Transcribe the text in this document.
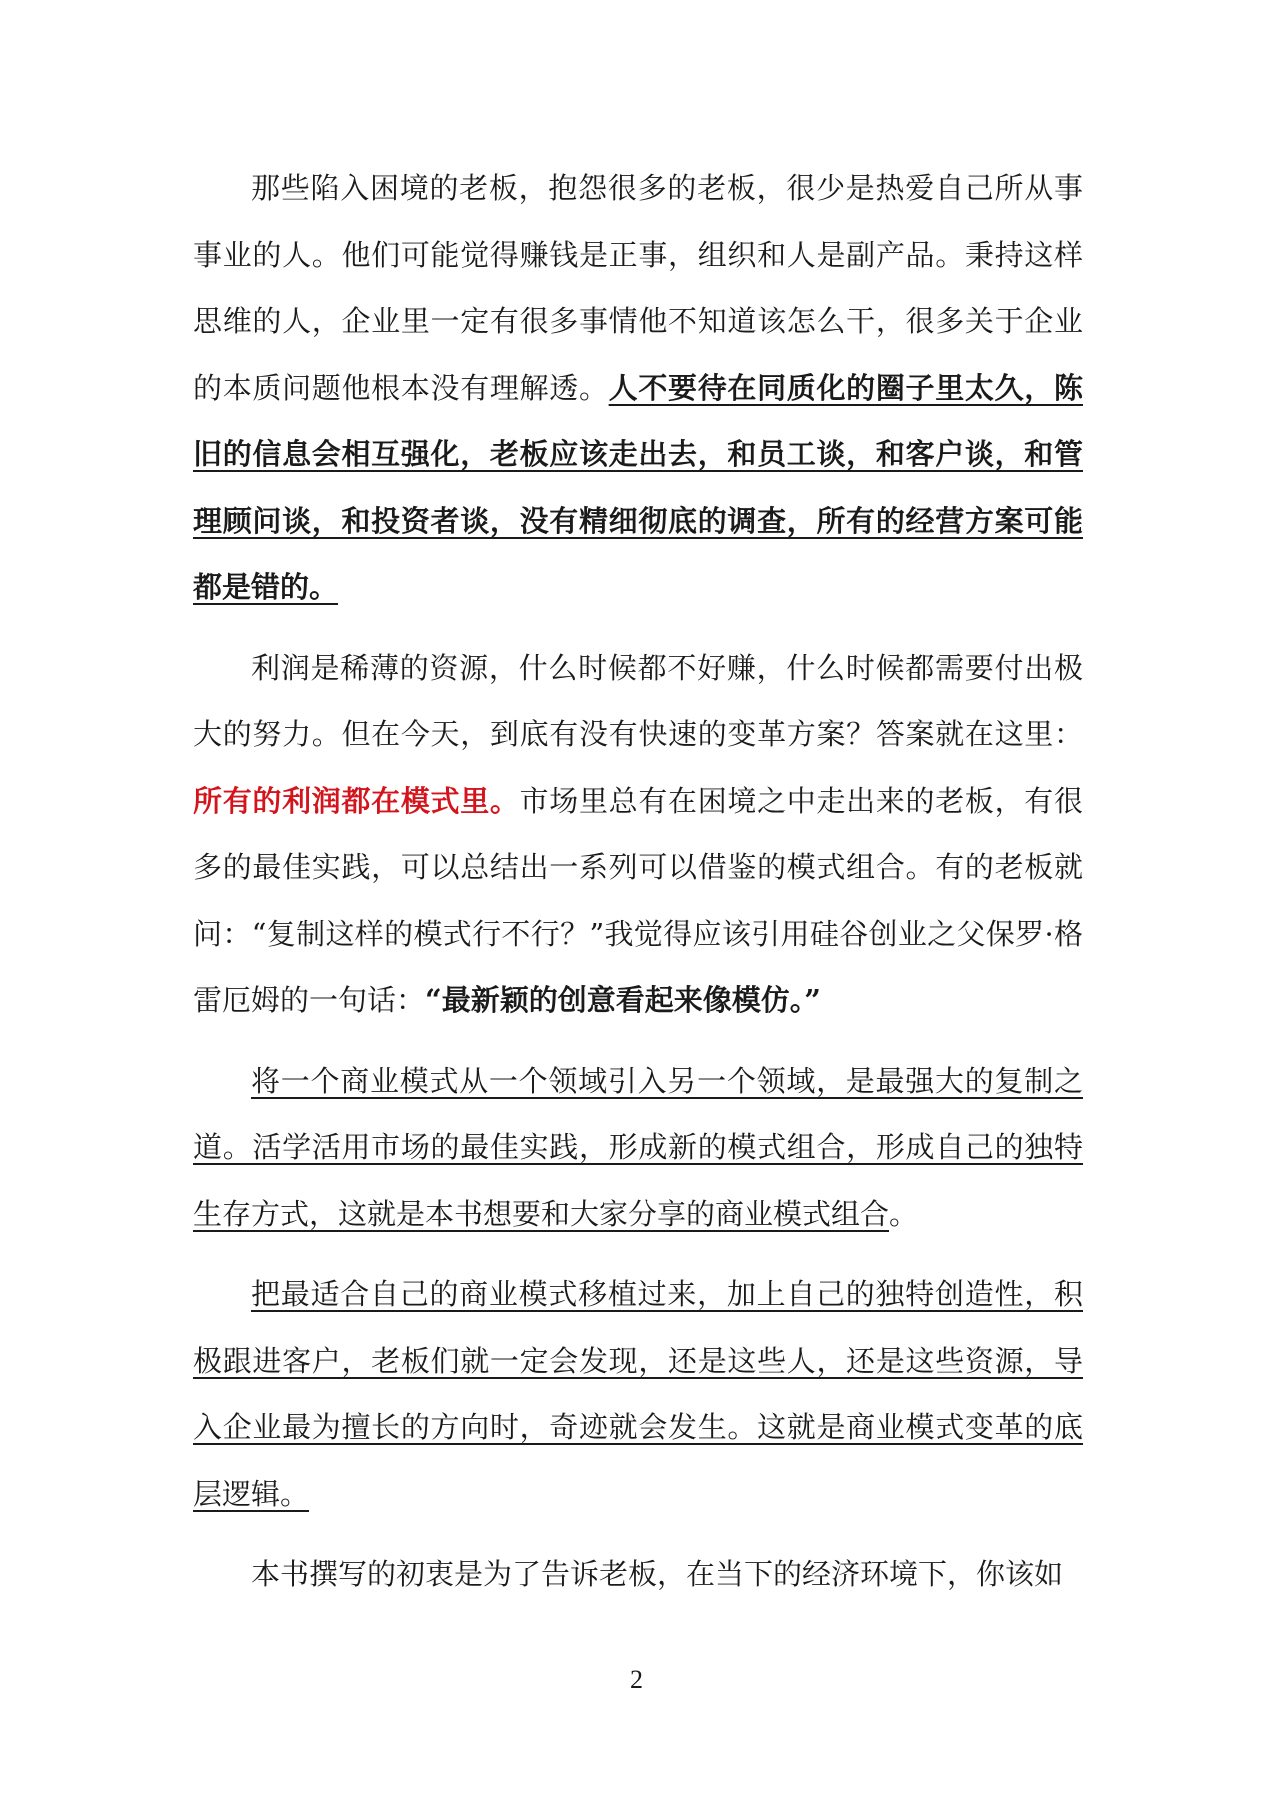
那些陷入困境的老板，抱怨很多的老板，很少是热爱自己所从事事业的人。他们可能觉得赚钱是正事，组织和人是副产品。秉持这样思维的人，企业里一定有很多事情他不知道该怎么干，很多关于企业的本质问题他根本没有理解透。人不要待在同质化的圈子里太久，陈旧的信息会相互强化，老板应该走出去，和员工谈，和客户谈，和管理顾问谈，和投资者谈，没有精细彻底的调查，所有的经营方案可能都是错的。

利润是稀薄的资源，什么时候都不好赚，什么时候都需要付出极大的努力。但在今天，到底有没有快速的变革方案？答案就在这里：所有的利润都在模式里。市场里总有在困境之中走出来的老板，有很多的最佳实践，可以总结出一系列可以借鉴的模式组合。有的老板就问：“复制这样的模式行不行？”我觉得应该引用硅谷创业之父保罗·格雷厄姆的一句话：“最新颖的创意看起来像模仿。”

将一个商业模式从一个领域引入另一个领域，是最强大的复制之道。活学活用市场的最佳实践，形成新的模式组合，形成自己的独特生存方式，这就是本书想要和大家分享的商业模式组合。

把最适合自己的商业模式移植过来，加上自己的独特创造性，积极跟进客户，老板们就一定会发现，还是这些人，还是这些资源，导入企业最为擅长的方向时，奇迹就会发生。这就是商业模式变革的底层逻辑。

本书撰写的初衷是为了告诉老板，在当下的经济环境下，你该如

2
